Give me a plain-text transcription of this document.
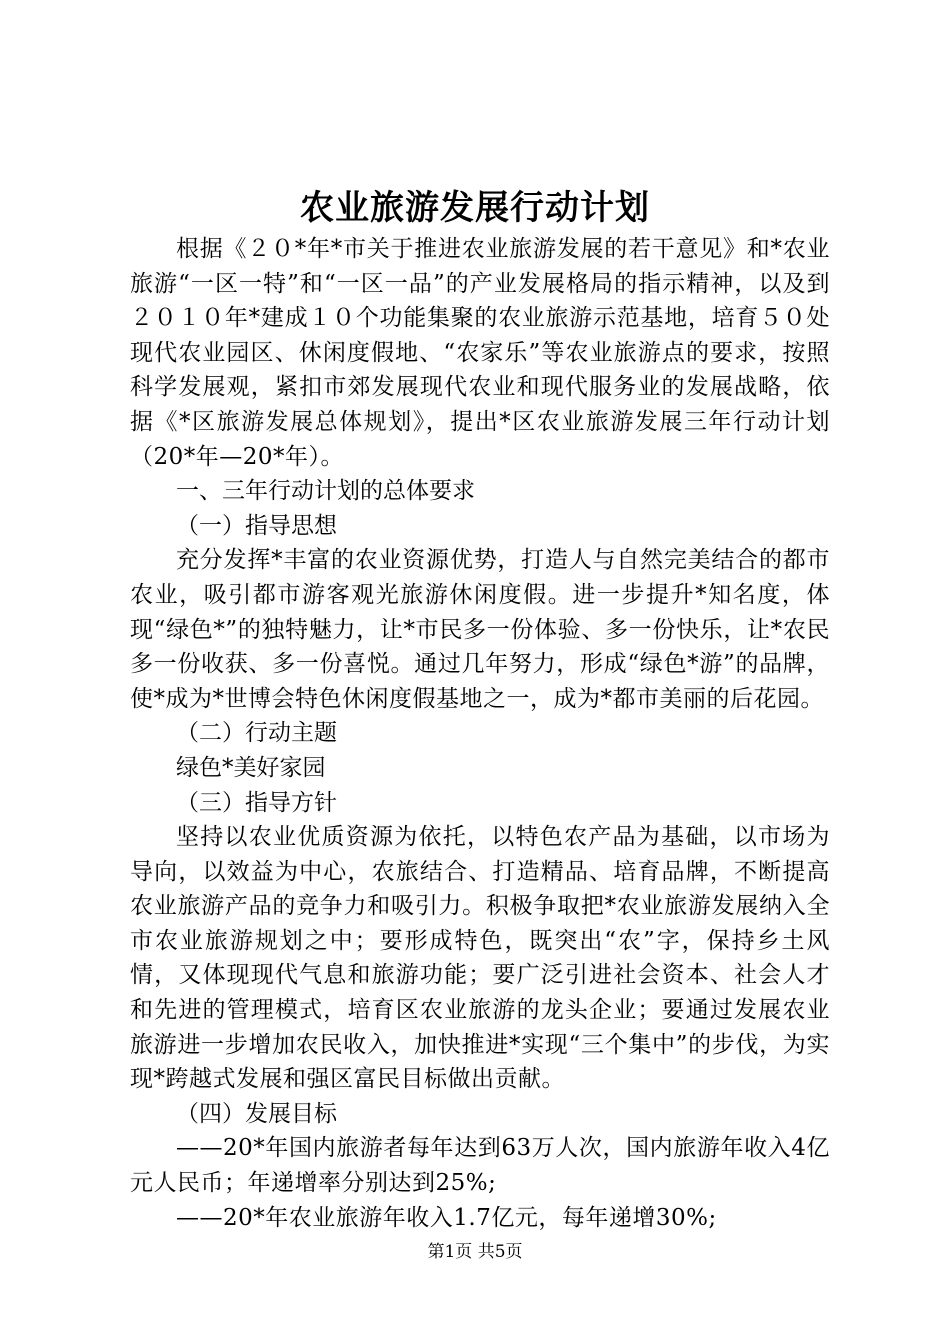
农业旅游发展行动计划

根据《２０*年*市关于推进农业旅游发展的若干意见》和*农业旅游“一区一特”和“一区一品”的产业发展格局的指示精神，以及到２０１０年*建成１０个功能集聚的农业旅游示范基地，培育５０处现代农业园区、休闲度假地、“农家乐”等农业旅游点的要求，按照科学发展观，紧扣市郊发展现代农业和现代服务业的发展战略，依据《*区旅游发展总体规划》，提出*区农业旅游发展三年行动计划（20*年—20*年）。

一、三年行动计划的总体要求

（一）指导思想

充分发挥*丰富的农业资源优势，打造人与自然完美结合的都市农业，吸引都市游客观光旅游休闲度假。进一步提升*知名度，体现“绿色*”的独特魅力，让*市民多一份体验、多一份快乐，让*农民多一份收获、多一份喜悦。通过几年努力，形成“绿色*游”的品牌，使*成为*世博会特色休闲度假基地之一，成为*都市美丽的后花园。

（二）行动主题

绿色*美好家园

（三）指导方针

坚持以农业优质资源为依托，以特色农产品为基础，以市场为导向，以效益为中心，农旅结合、打造精品、培育品牌，不断提高农业旅游产品的竞争力和吸引力。积极争取把*农业旅游发展纳入全市农业旅游规划之中；要形成特色，既突出“农”字，保持乡土风情，又体现现代气息和旅游功能；要广泛引进社会资本、社会人才和先进的管理模式，培育区农业旅游的龙头企业；要通过发展农业旅游进一步增加农民收入，加快推进*实现“三个集中”的步伐，为实现*跨越式发展和强区富民目标做出贡献。

（四）发展目标

——20*年国内旅游者每年达到63万人次，国内旅游年收入4亿元人民币；年递增率分别达到25%;

——20*年农业旅游年收入1.7亿元，每年递增30%;

第1页 共5页
